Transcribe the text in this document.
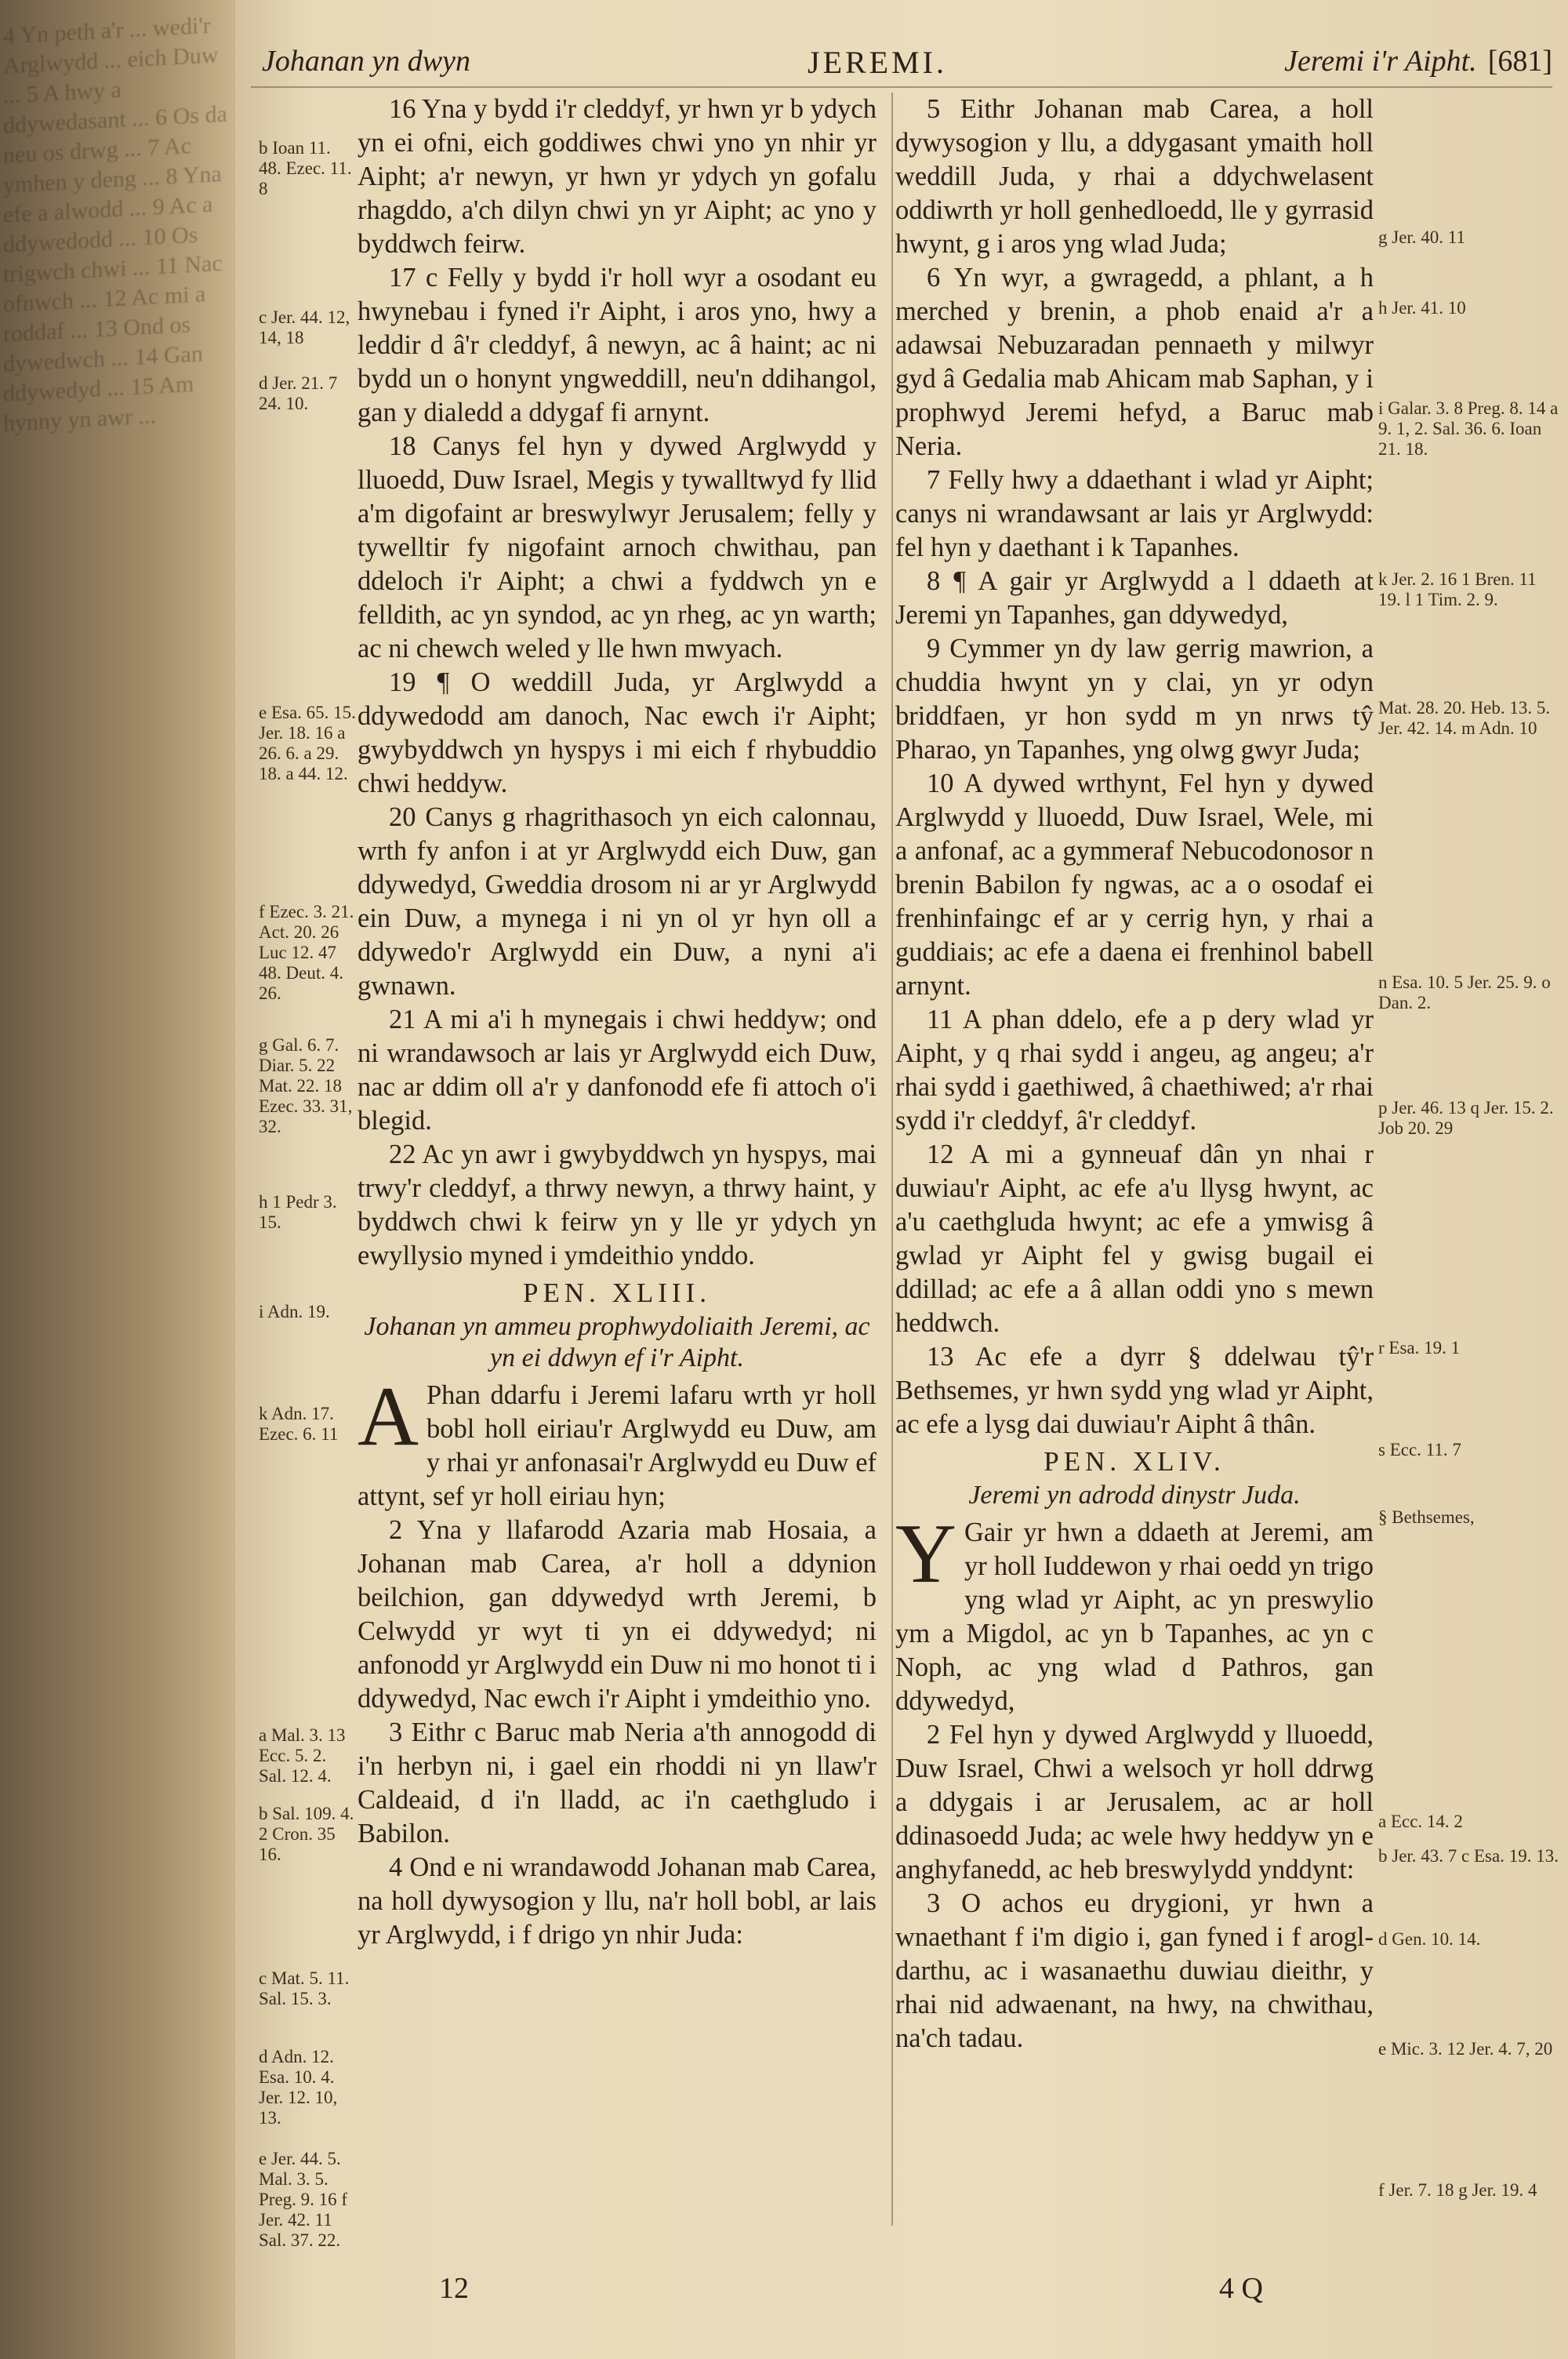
4 Yn peth a'r ... wedi'r Arglwydd ... eich Duw ... 5 A hwy a ddywedasant ... 6 Os da neu os drwg ... 7 Ac ymhen y deng ... 8 Yna efe a alwodd ... 9 Ac a ddywedodd ... 10 Os trigwch chwi ... 11 Nac ofnwch ... 12 Ac mi a roddaf ... 13 Ond os dywedwch ... 14 Gan ddywedyd ... 15 Am hynny yn awr ...
Johanan yn dwyn	JEREMI.	Jeremi i'r Aipht. [681]
b Ioan 11. 48. Ezec. 11. 8
c Jer. 44. 12, 14, 18
d Jer. 21. 7 24. 10.
e Esa. 65. 15. Jer. 18. 16 a 26. 6. a 29. 18. a 44. 12.
f Ezec. 3. 21. Act. 20. 26 Luc 12. 47 48. Deut. 4. 26.
g Gal. 6. 7. Diar. 5. 22 Mat. 22. 18 Ezec. 33. 31, 32.
h 1 Pedr 3. 15.
i Adn. 19.
k Adn. 17. Ezec. 6. 11
a Mal. 3. 13 Ecc. 5. 2. Sal. 12. 4.
b Sal. 109. 4. 2 Cron. 35 16.
c Mat. 5. 11. Sal. 15. 3.
d Adn. 12. Esa. 10. 4. Jer. 12. 10, 13.
e Jer. 44. 5. Mal. 3. 5. Preg. 9. 16 f Jer. 42. 11 Sal. 37. 22.
g Jer. 40. 11
h Jer. 41. 10
i Galar. 3. 8 Preg. 8. 14 a 9. 1, 2. Sal. 36. 6. Ioan 21. 18.
k Jer. 2. 16 1 Bren. 11 19. l 1 Tim. 2. 9.
Mat. 28. 20. Heb. 13. 5. Jer. 42. 14. m Adn. 10
n Esa. 10. 5 Jer. 25. 9. o Dan. 2.
p Jer. 46. 13 q Jer. 15. 2. Job 20. 29
r Esa. 19. 1
s Ecc. 11. 7
§ Bethsemes,
a Ecc. 14. 2
b Jer. 43. 7 c Esa. 19. 13.
d Gen. 10. 14.
e Mic. 3. 12 Jer. 4. 7, 20
f Jer. 7. 18 g Jer. 19. 4

16 Yna y bydd i'r cleddyf, yr hwn yr b ydych yn ei ofni, eich goddiwes chwi yno yn nhir yr Aipht; a'r newyn, yr hwn yr ydych yn gofalu rhagddo, a'ch dilyn chwi yn yr Aipht; ac yno y byddwch feirw.

17 c Felly y bydd i'r holl wyr a osodant eu hwynebau i fyned i'r Aipht, i aros yno, hwy a leddir d â'r cleddyf, â newyn, ac â haint; ac ni bydd un o honynt yngweddill, neu'n ddihangol, gan y dialedd a ddygaf fi arnynt.

18 Canys fel hyn y dywed Arglwydd y lluoedd, Duw Israel, Megis y tywalltwyd fy llid a'm digofaint ar breswylwyr Jerusalem; felly y tywelltir fy nigofaint arnoch chwithau, pan ddeloch i'r Aipht; a chwi a fyddwch yn e felldith, ac yn syndod, ac yn rheg, ac yn warth; ac ni chewch weled y lle hwn mwyach.

19 ¶ O weddill Juda, yr Arglwydd a ddywedodd am danoch, Nac ewch i'r Aipht; gwybyddwch yn hyspys i mi eich f rhybuddio chwi heddyw.

20 Canys g rhagrithasoch yn eich calonnau, wrth fy anfon i at yr Arglwydd eich Duw, gan ddywedyd, Gweddia drosom ni ar yr Arglwydd ein Duw, a mynega i ni yn ol yr hyn oll a ddywedo'r Arglwydd ein Duw, a nyni a'i gwnawn.

21 A mi a'i h mynegais i chwi heddyw; ond ni wrandawsoch ar lais yr Arglwydd eich Duw, nac ar ddim oll a'r y danfonodd efe fi attoch o'i blegid.

22 Ac yn awr i gwybyddwch yn hyspys, mai trwy'r cleddyf, a thrwy newyn, a thrwy haint, y byddwch chwi k feirw yn y lle yr ydych yn ewyllysio myned i ymdeithio ynddo.

PEN. XLIII.
Johanan yn ammeu prophwydoliaith Jeremi, ac yn ei ddwyn ef i'r Aipht.

A Phan ddarfu i Jeremi lafaru wrth yr holl bobl holl eiriau'r Arglwydd eu Duw, am y rhai yr anfonasai'r Arglwydd eu Duw ef attynt, sef yr holl eiriau hyn;

2 Yna y llafarodd Azaria mab Hosaia, a Johanan mab Carea, a'r holl a ddynion beilchion, gan ddywedyd wrth Jeremi, b Celwydd yr wyt ti yn ei ddywedyd; ni anfonodd yr Arglwydd ein Duw ni mo honot ti i ddywedyd, Nac ewch i'r Aipht i ymdeithio yno.

3 Eithr c Baruc mab Neria a'th annogodd di i'n herbyn ni, i gael ein rhoddi ni yn llaw'r Caldeaid, d i'n lladd, ac i'n caethgludo i Babilon.

4 Ond e ni wrandawodd Johanan mab Carea, na holl dywysogion y llu, na'r holl bobl, ar lais yr Arglwydd, i f drigo yn nhir Juda:

5 Eithr Johanan mab Carea, a holl dywysogion y llu, a ddygasant ymaith holl weddill Juda, y rhai a ddychwelasent oddiwrth yr holl genhedloedd, lle y gyrrasid hwynt, g i aros yng wlad Juda;

6 Yn wyr, a gwragedd, a phlant, a h merched y brenin, a phob enaid a'r a adawsai Nebuzaradan pennaeth y milwyr gyd â Gedalia mab Ahicam mab Saphan, y i prophwyd Jeremi hefyd, a Baruc mab Neria.

7 Felly hwy a ddaethant i wlad yr Aipht; canys ni wrandawsant ar lais yr Arglwydd: fel hyn y daethant i k Tapanhes.

8 ¶ A gair yr Arglwydd a l ddaeth at Jeremi yn Tapanhes, gan ddywedyd,

9 Cymmer yn dy law gerrig mawrion, a chuddia hwynt yn y clai, yn yr odyn briddfaen, yr hon sydd m yn nrws tŷ Pharao, yn Tapanhes, yng olwg gwyr Juda;

10 A dywed wrthynt, Fel hyn y dywed Arglwydd y lluoedd, Duw Israel, Wele, mi a anfonaf, ac a gymmeraf Nebucodonosor n brenin Babilon fy ngwas, ac a o osodaf ei frenhinfaingc ef ar y cerrig hyn, y rhai a guddiais; ac efe a daena ei frenhinol babell arnynt.

11 A phan ddelo, efe a p dery wlad yr Aipht, y q rhai sydd i angeu, ag angeu; a'r rhai sydd i gaethiwed, â chaethiwed; a'r rhai sydd i'r cleddyf, â'r cleddyf.

12 A mi a gynneuaf dân yn nhai r duwiau'r Aipht, ac efe a'u llysg hwynt, ac a'u caethgluda hwynt; ac efe a ymwisg â gwlad yr Aipht fel y gwisg bugail ei ddillad; ac efe a â allan oddi yno s mewn heddwch.

13 Ac efe a dyrr § ddelwau tŷ'r Bethsemes, yr hwn sydd yng wlad yr Aipht, ac efe a lysg dai duwiau'r Aipht â thân.

PEN. XLIV.
Jeremi yn adrodd dinystr Juda.

Y Gair yr hwn a ddaeth at Jeremi, am yr holl Iuddewon y rhai oedd yn trigo yng wlad yr Aipht, ac yn preswylio ym a Migdol, ac yn b Tapanhes, ac yn c Noph, ac yng wlad d Pathros, gan ddywedyd,

2 Fel hyn y dywed Arglwydd y lluoedd, Duw Israel, Chwi a welsoch yr holl ddrwg a ddygais i ar Jerusalem, ac ar holl ddinasoedd Juda; ac wele hwy heddyw yn e anghyfanedd, ac heb breswylydd ynddynt:

3 O achos eu drygioni, yr hwn a wnaethant f i'm digio i, gan fyned i f arogl-darthu, ac i wasanaethu duwiau dieithr, y rhai nid adwaenant, na hwy, na chwithau, na'ch tadau.

12	4 Q
